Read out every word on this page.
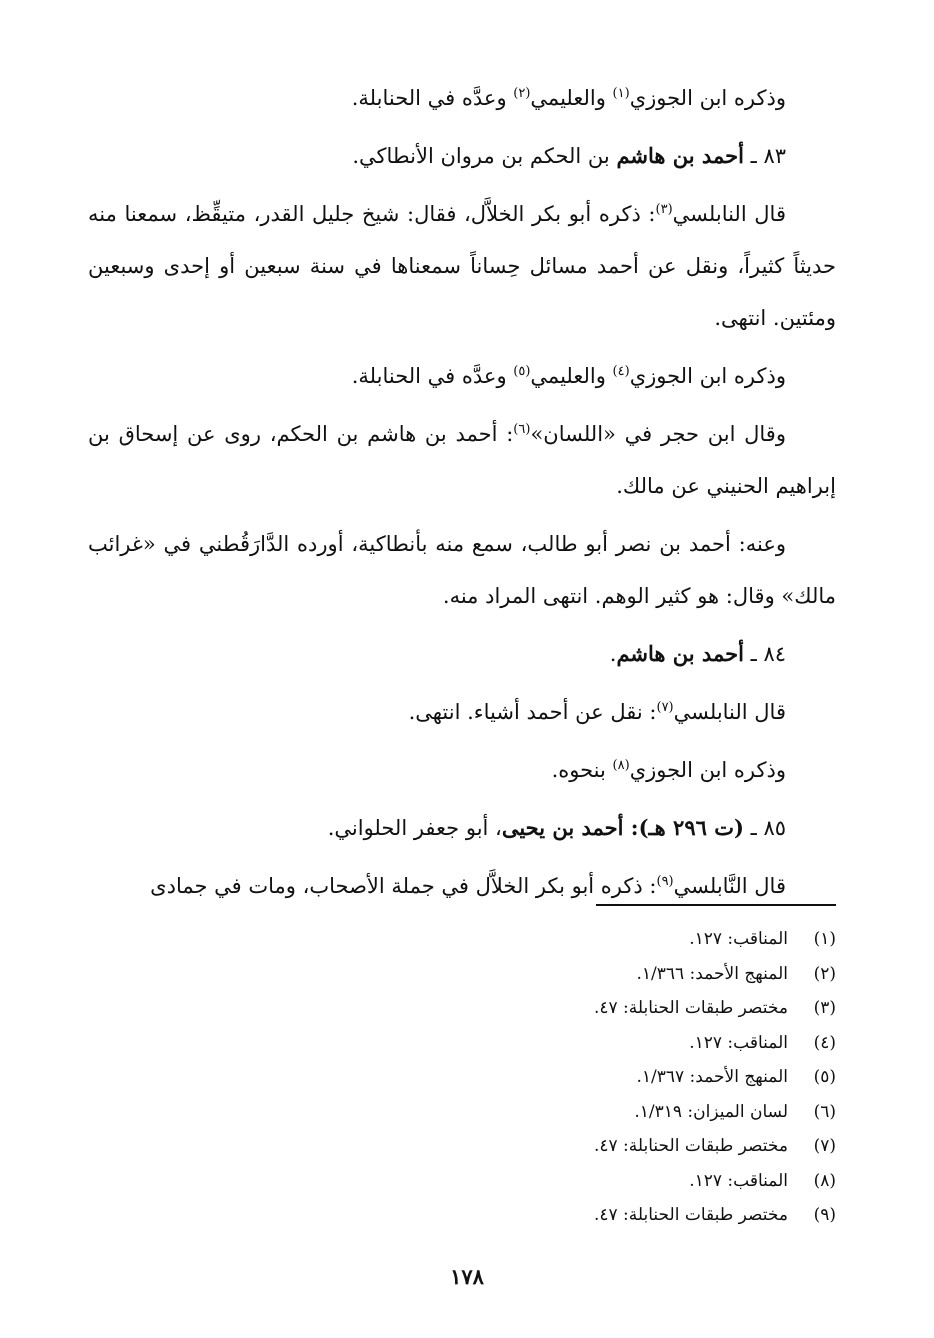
وذكره ابن الجوزي$^{(١)}$ والعليمي$^{(٢)}$ وعدَّه في الحنابلة.

٨٣ ـ أحمد بن هاشم بن الحكم بن مروان الأنطاكي.

قال النابلسي$^{(٣)}$: ذكره أبو بكر الخلاَّل، فقال: شيخ جليل القدر، متيقِّظ، سمعنا منه حديثاً كثيراً، ونقل عن أحمد مسائل حِساناً سمعناها في سنة سبعين أو إحدى وسبعين ومئتين. انتهى.

وذكره ابن الجوزي$^{(٤)}$ والعليمي$^{(٥)}$ وعدَّه في الحنابلة.

وقال ابن حجر في «اللسان»$^{(٦)}$: أحمد بن هاشم بن الحكم، روى عن إسحاق بن إبراهيم الحنيني عن مالك.

وعنه: أحمد بن نصر أبو طالب، سمع منه بأنطاكية، أورده الدَّارَقُطني في «غرائب مالك» وقال: هو كثير الوهم. انتهى المراد منه.

٨٤ ـ أحمد بن هاشم.

قال النابلسي$^{(٧)}$: نقل عن أحمد أشياء. انتهى.

وذكره ابن الجوزي$^{(٨)}$ بنحوه.

٨٥ ـ (ت ٢٩٦ هـ): أحمد بن يحيى، أبو جعفر الحلواني.

قال النَّابلسي$^{(٩)}$: ذكره أبو بكر الخلاَّل في جملة الأصحاب، ومات في جمادى

(١)المناقب: ١٢٧.
(٢)المنهج الأحمد: ١/٣٦٦.
(٣)مختصر طبقات الحنابلة: ٤٧.
(٤)المناقب: ١٢٧.
(٥)المنهج الأحمد: ١/٣٦٧.
(٦)لسان الميزان: ١/٣١٩.
(٧)مختصر طبقات الحنابلة: ٤٧.
(٨)المناقب: ١٢٧.
(٩)مختصر طبقات الحنابلة: ٤٧.
١٧٨
